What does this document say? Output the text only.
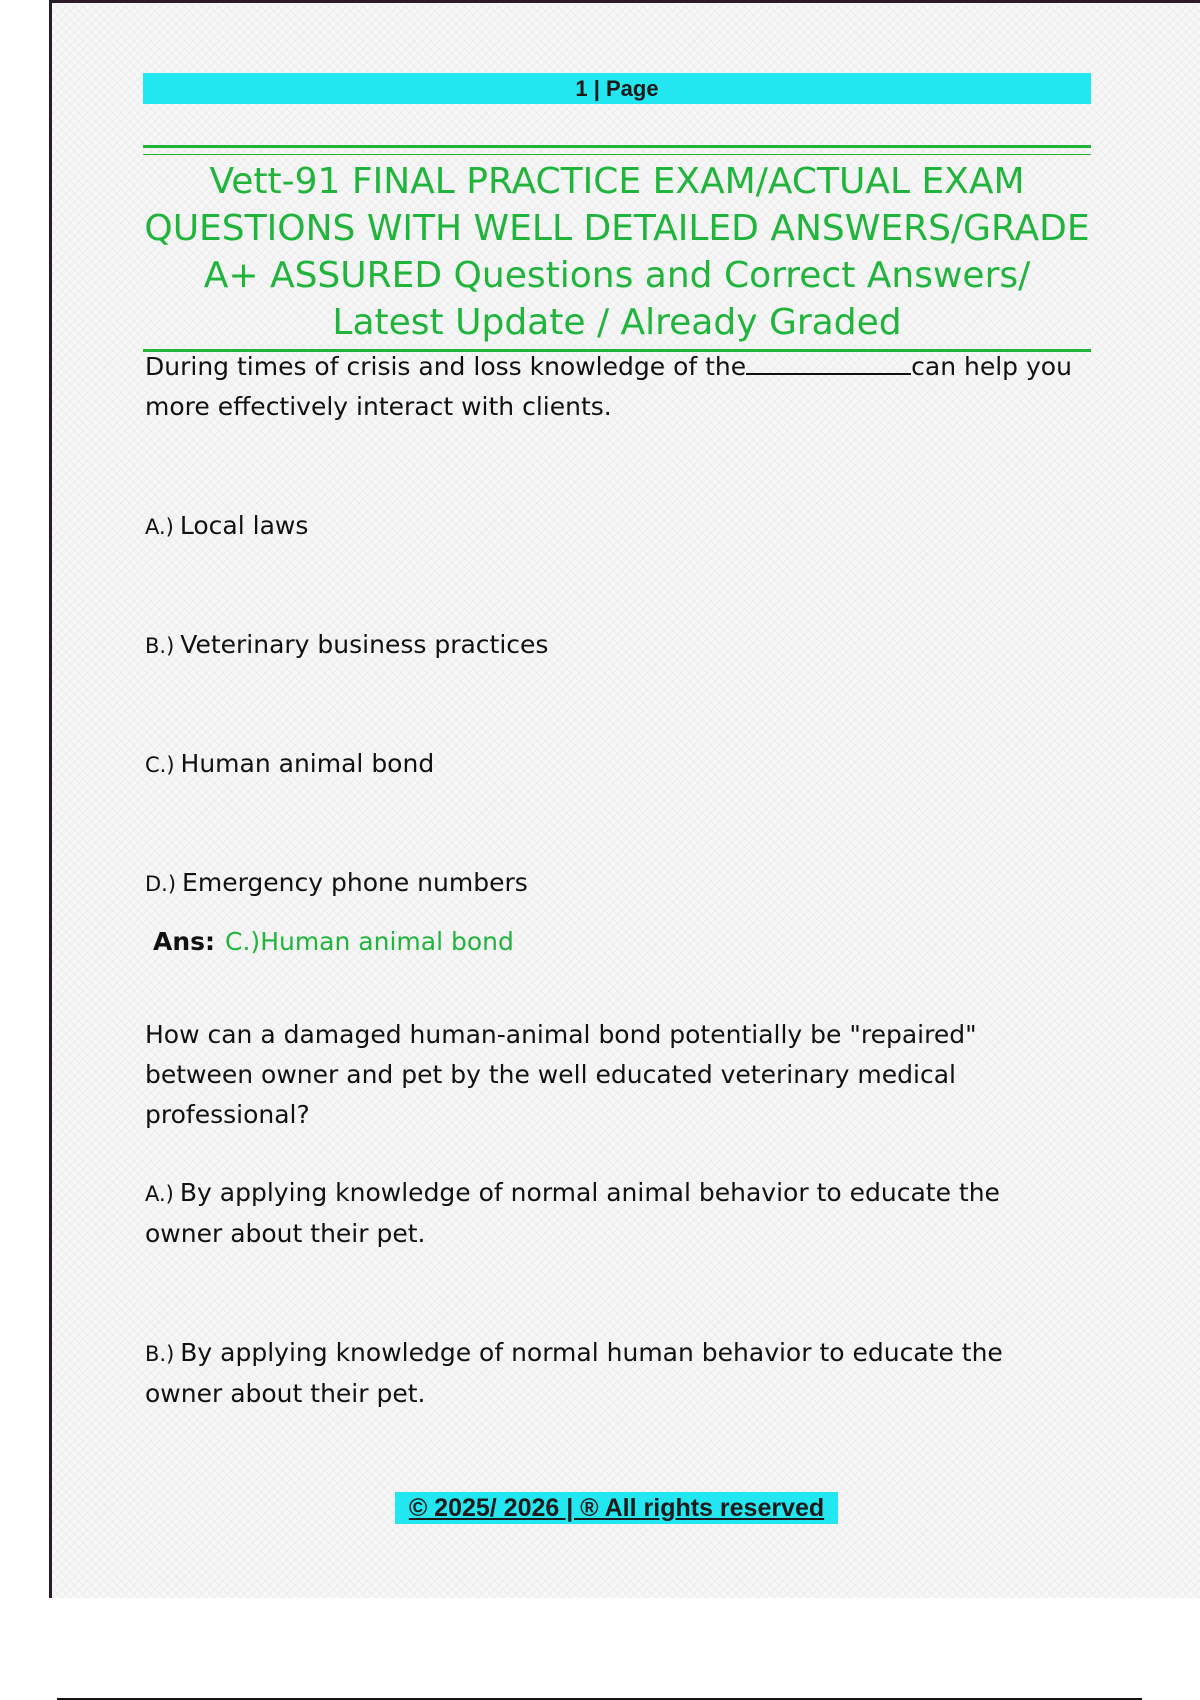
1 | Page
Vett-91 FINAL PRACTICE EXAM/ACTUAL EXAM QUESTIONS WITH WELL DETAILED ANSWERS/GRADE A+ ASSURED Questions and Correct Answers/ Latest Update / Already Graded
During times of crisis and loss knowledge of the	can help you more effectively interact with clients.
A.) Local laws
B.) Veterinary business practices
C.) Human animal bond
D.) Emergency phone numbers
Ans: C.)Human animal bond
How can a damaged human-animal bond potentially be "repaired" between owner and pet by the well educated veterinary medical professional?
A.) By applying knowledge of normal animal behavior to educate the owner about their pet.
B.) By applying knowledge of normal human behavior to educate the owner about their pet.
© 2025/ 2026 | ® All rights reserved
